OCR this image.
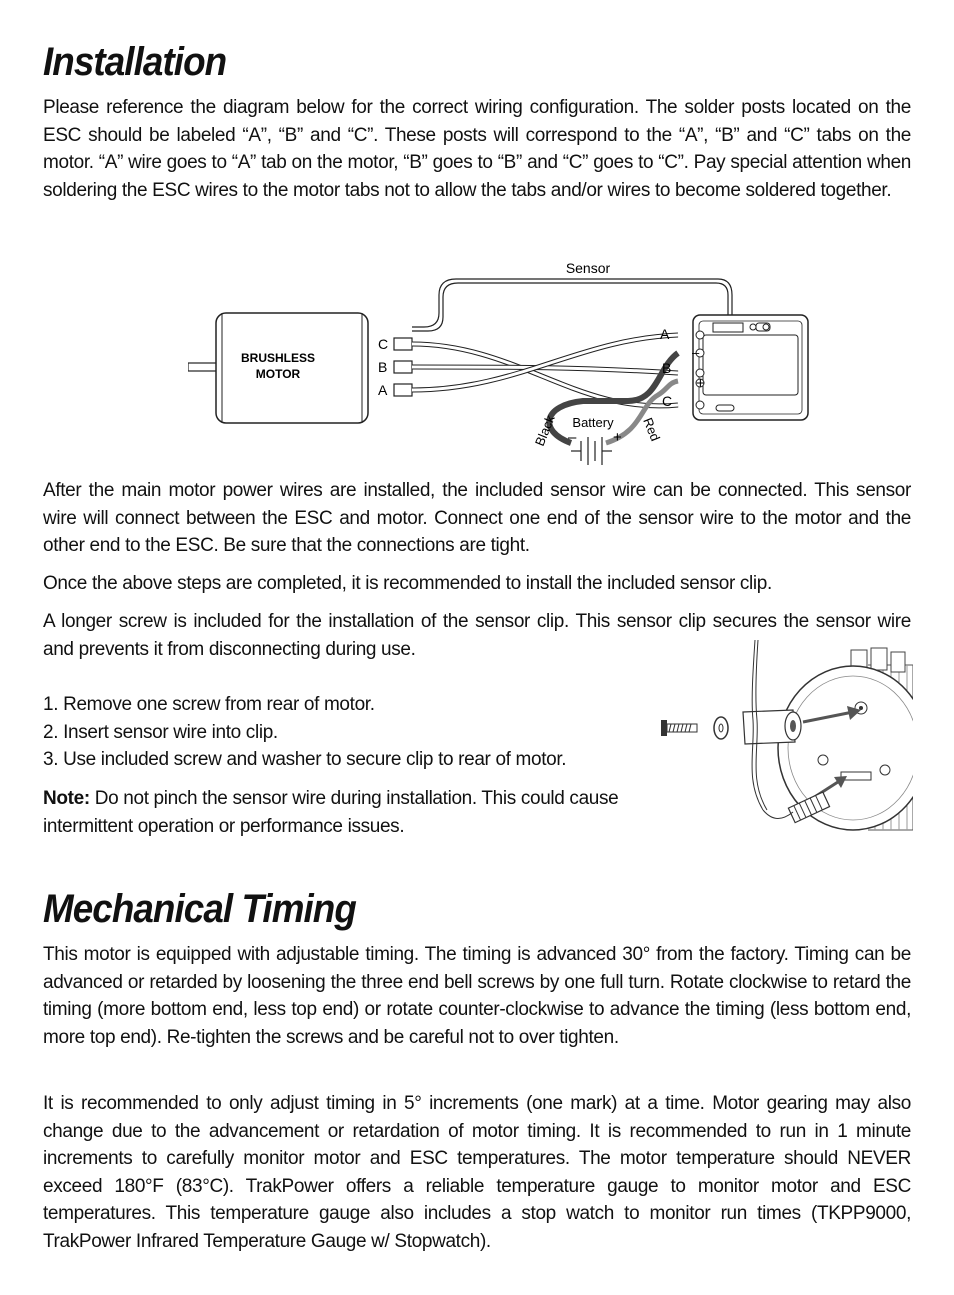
Installation

Please reference the diagram below for the correct wiring configuration. The solder posts located on the ESC should be labeled “A”, “B” and “C”. These posts will correspond to the “A”, “B” and “C” tabs on the motor. “A” wire goes to “A” tab on the motor, “B” goes to “B” and “C” goes to “C”. Pay special attention when soldering the ESC wires to the motor tabs not to allow the tabs and/or wires to become soldered together.

BRUSHLESS
MOTOR
C
B
A
Sensor
A
B
C
–
+
Battery
– +
Black	Red

After the main motor power wires are installed, the included sensor wire can be connected. This sensor wire will connect between the ESC and motor. Connect one end of the sensor wire to the motor and the other end to the ESC. Be sure that the connections are tight.

Once the above steps are completed, it is recommended to install the included sensor clip.

A longer screw is included for the installation of the sensor clip. This sensor clip secures the sensor wire and prevents it from disconnecting during use.

1. Remove one screw from rear of motor.

2. Insert sensor wire into clip.

3. Use included screw and washer to secure clip to rear of motor.

Note: Do not pinch the sensor wire during installation. This could cause intermittent operation or performance issues.

Mechanical Timing

This motor is equipped with adjustable timing. The timing is advanced 30° from the factory. Timing can be advanced or retarded by loosening the three end bell screws by one full turn. Rotate clockwise to retard the timing (more bottom end, less top end) or rotate counter-clockwise to advance the timing (less bottom end, more top end). Re-tighten the screws and be careful not to over tighten.

It is recommended to only adjust timing in 5° increments (one mark) at a time. Motor gearing may also change due to the advancement or retardation of motor timing. It is recommended to run in 1 minute increments to carefully monitor motor and ESC temperatures. The motor temperature should NEVER exceed 180°F (83°C). TrakPower offers a reliable temperature gauge to monitor motor and ESC temperatures. This temperature gauge also includes a stop watch to monitor run times (TKPP9000, TrakPower Infrared Temperature Gauge w/ Stopwatch).
